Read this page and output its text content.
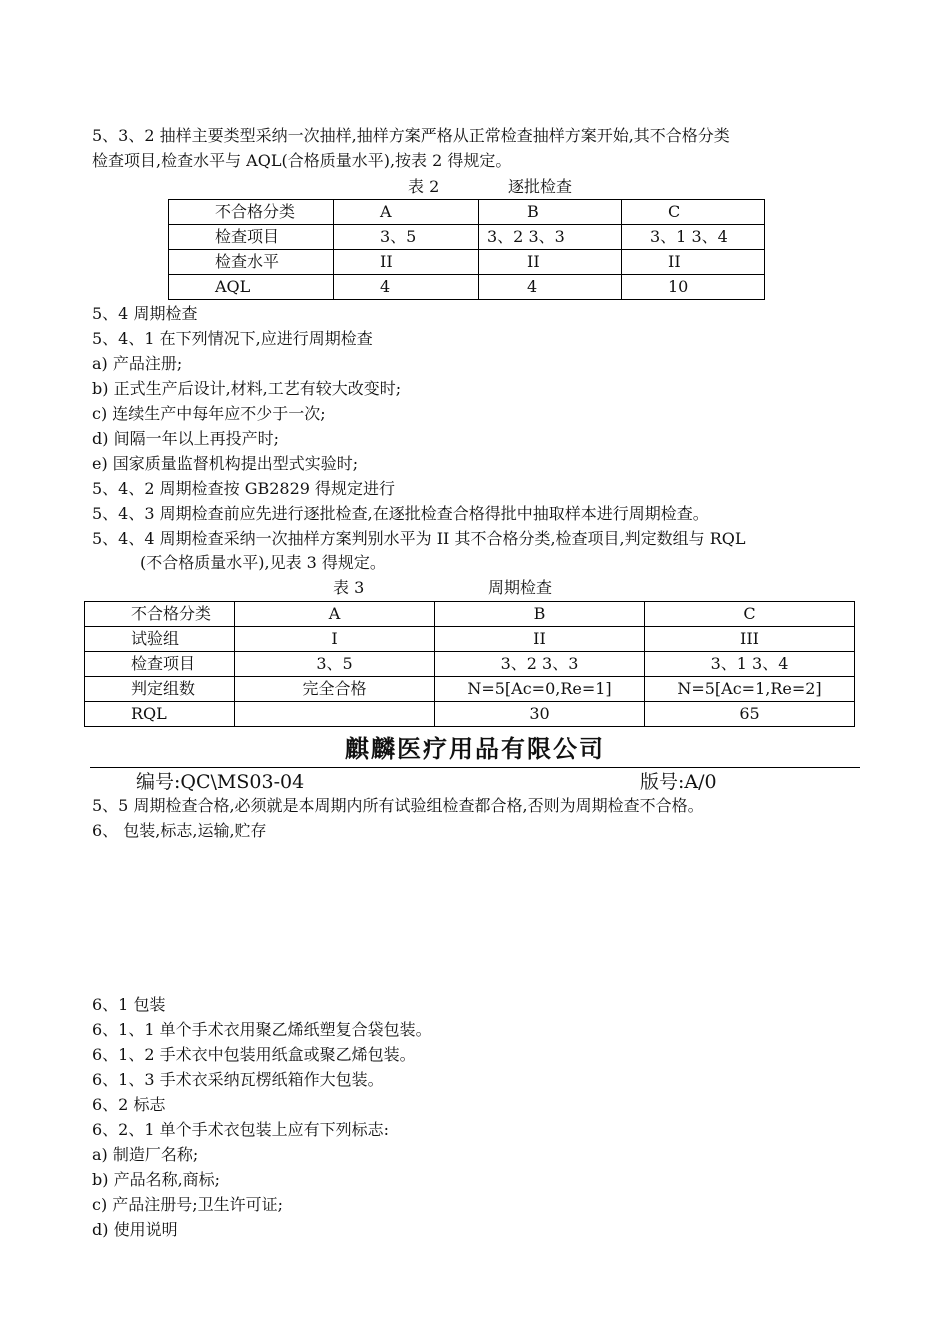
5、3、2 抽样主要类型采纳一次抽样,抽样方案严格从正常检查抽样方案开始,其不合格分类
检查项目,检查水平与 AQL(合格质量水平),按表 2 得规定。
表 2	逐批检查
不合格分类	A	B	C
检查项目	3、5	3、2 3、3	3、1 3、4
检查水平	II	II	II
AQL	4	4	10
5、4 周期检查
5、4、1 在下列情况下,应进行周期检查
a) 产品注册;
b) 正式生产后设计,材料,工艺有较大改变时;
c) 连续生产中每年应不少于一次;
d) 间隔一年以上再投产时;
e) 国家质量监督机构提出型式实验时;
5、4、2 周期检查按 GB2829 得规定进行
5、4、3 周期检查前应先进行逐批检查,在逐批检查合格得批中抽取样本进行周期检查。
5、4、4 周期检查采纳一次抽样方案判别水平为 II 其不合格分类,检查项目,判定数组与 RQL
(不合格质量水平),见表 3 得规定。
表 3	周期检查
不合格分类	A	B	C
试验组	I	II	III
检查项目	3、5	3、2 3、3	3、1 3、4
判定组数	完全合格	N=5[Ac=0,Re=1]	N=5[Ac=1,Re=2]
RQL		30	65
麒麟医疗用品有限公司
编号:QC\MS03-04	版号:A/0
5、5 周期检查合格,必须就是本周期内所有试验组检查都合格,否则为周期检查不合格。
6、 包装,标志,运输,贮存
6、1 包装
6、1、1 单个手术衣用聚乙烯纸塑复合袋包装。
6、1、2 手术衣中包装用纸盒或聚乙烯包装。
6、1、3 手术衣采纳瓦楞纸箱作大包装。
6、2 标志
6、2、1 单个手术衣包装上应有下列标志:
a) 制造厂名称;
b) 产品名称,商标;
c) 产品注册号;卫生许可证;
d) 使用说明
